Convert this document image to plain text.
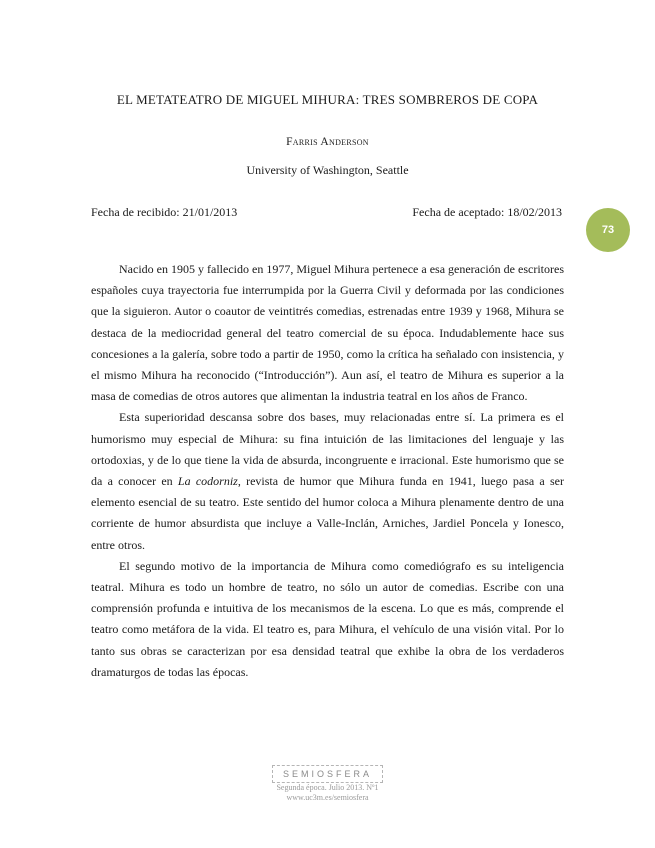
EL METATEATRO DE MIGUEL MIHURA: TRES SOMBREROS DE COPA
Farris Anderson
University of Washington, Seattle
Fecha de recibido: 21/01/2013	Fecha de aceptado: 18/02/2013
73

Nacido en 1905 y fallecido en 1977, Miguel Mihura pertenece a esa generación de escritores españoles cuya trayectoria fue interrumpida por la Guerra Civil y deformada por las condiciones que la siguieron. Autor o coautor de veintitrés comedias, estrenadas entre 1939 y 1968, Mihura se destaca de la mediocridad general del teatro comercial de su época. Indudablemente hace sus concesiones a la galería, sobre todo a partir de 1950, como la crítica ha señalado con insistencia, y el mismo Mihura ha reconocido (“Introducción”). Aun así, el teatro de Mihura es superior a la masa de comedias de otros autores que alimentan la industria teatral en los años de Franco.

Esta superioridad descansa sobre dos bases, muy relacionadas entre sí. La primera es el humorismo muy especial de Mihura: su fina intuición de las limitaciones del lenguaje y las ortodoxias, y de lo que tiene la vida de absurda, incongruente e irracional. Este humorismo que se da a conocer en La codorniz, revista de humor que Mihura funda en 1941, luego pasa a ser elemento esencial de su teatro. Este sentido del humor coloca a Mihura plenamente dentro de una corriente de humor absurdista que incluye a Valle-Inclán, Arniches, Jardiel Poncela y Ionesco, entre otros.

El segundo motivo de la importancia de Mihura como comediógrafo es su inteligencia teatral. Mihura es todo un hombre de teatro, no sólo un autor de comedias. Escribe con una comprensión profunda e intuitiva de los mecanismos de la escena. Lo que es más, comprende el teatro como metáfora de la vida. El teatro es, para Mihura, el vehículo de una visión vital. Por lo tanto sus obras se caracterizan por esa densidad teatral que exhibe la obra de los verdaderos dramaturgos de todas las épocas.

SEMIOSFERA
Segunda época. Julio 2013. Nº1
www.uc3m.es/semiosfera
